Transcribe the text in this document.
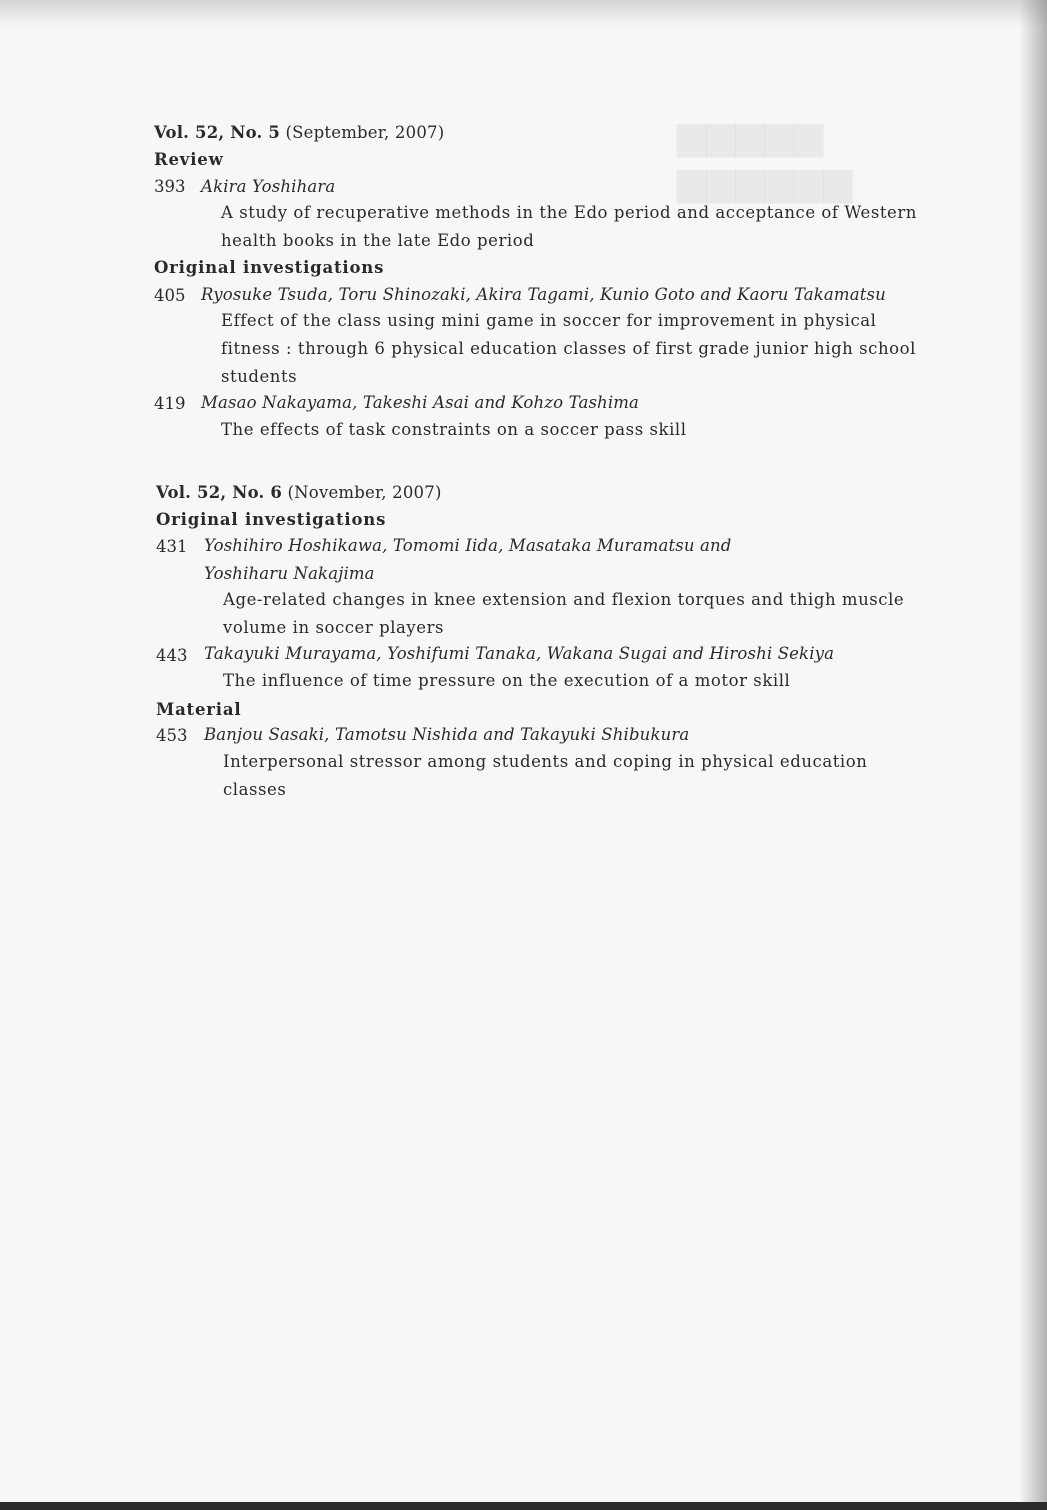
▆▆▆▆▆
▆▆▆▆▆▆
Vol. 52, No. 5 (September, 2007)
Review
393 Akira Yoshihara
A study of recuperative methods in the Edo period and acceptance of Western
health books in the late Edo period
Original investigations
405 Ryosuke Tsuda, Toru Shinozaki, Akira Tagami, Kunio Goto and Kaoru Takamatsu
Effect of the class using mini game in soccer for improvement in physical
fitness : through 6 physical education classes of first grade junior high school
students
419 Masao Nakayama, Takeshi Asai and Kohzo Tashima
The effects of task constraints on a soccer pass skill
Vol. 52, No. 6 (November, 2007)
Original investigations
431 Yoshihiro Hoshikawa, Tomomi Iida, Masataka Muramatsu and
Yoshiharu Nakajima
Age-related changes in knee extension and flexion torques and thigh muscle
volume in soccer players
443 Takayuki Murayama, Yoshifumi Tanaka, Wakana Sugai and Hiroshi Sekiya
The influence of time pressure on the execution of a motor skill
Material
453 Banjou Sasaki, Tamotsu Nishida and Takayuki Shibukura
Interpersonal stressor among students and coping in physical education
classes
